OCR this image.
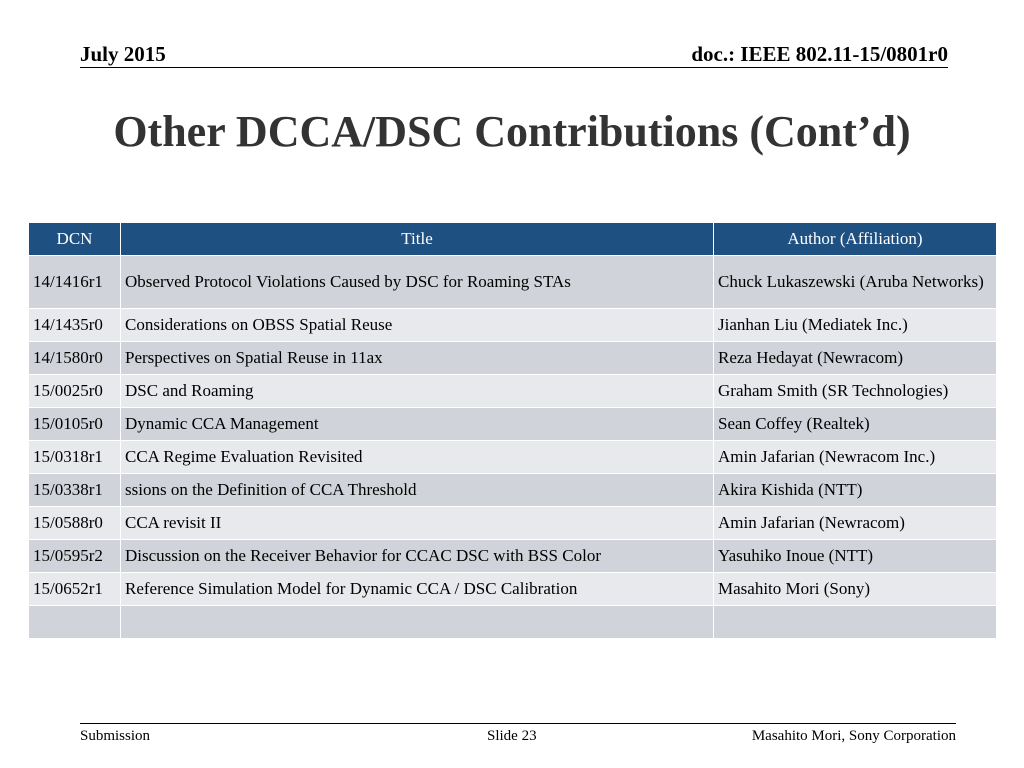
July 2015	doc.: IEEE 802.11-15/0801r0
Other DCCA/DSC Contributions (Cont’d)
DCN	Title	Author (Affiliation)
14/1416r1	Observed Protocol Violations Caused by DSC for Roaming STAs	Chuck Lukaszewski (Aruba Networks)
14/1435r0	Considerations on OBSS Spatial Reuse	Jianhan Liu (Mediatek Inc.)
14/1580r0	Perspectives on Spatial Reuse in 11ax	Reza Hedayat (Newracom)
15/0025r0	DSC and Roaming	Graham Smith (SR Technologies)
15/0105r0	Dynamic CCA Management	Sean Coffey (Realtek)
15/0318r1	CCA Regime Evaluation Revisited	Amin Jafarian (Newracom Inc.)
15/0338r1	ssions on the Definition of CCA Threshold	Akira Kishida (NTT)
15/0588r0	CCA revisit II	Amin Jafarian (Newracom)
15/0595r2	Discussion on the Receiver Behavior for CCAC DSC with BSS Color	Yasuhiko Inoue (NTT)
15/0652r1	Reference Simulation Model for Dynamic CCA / DSC Calibration	Masahito Mori (Sony)

Submission	Slide 23	Masahito Mori, Sony Corporation
